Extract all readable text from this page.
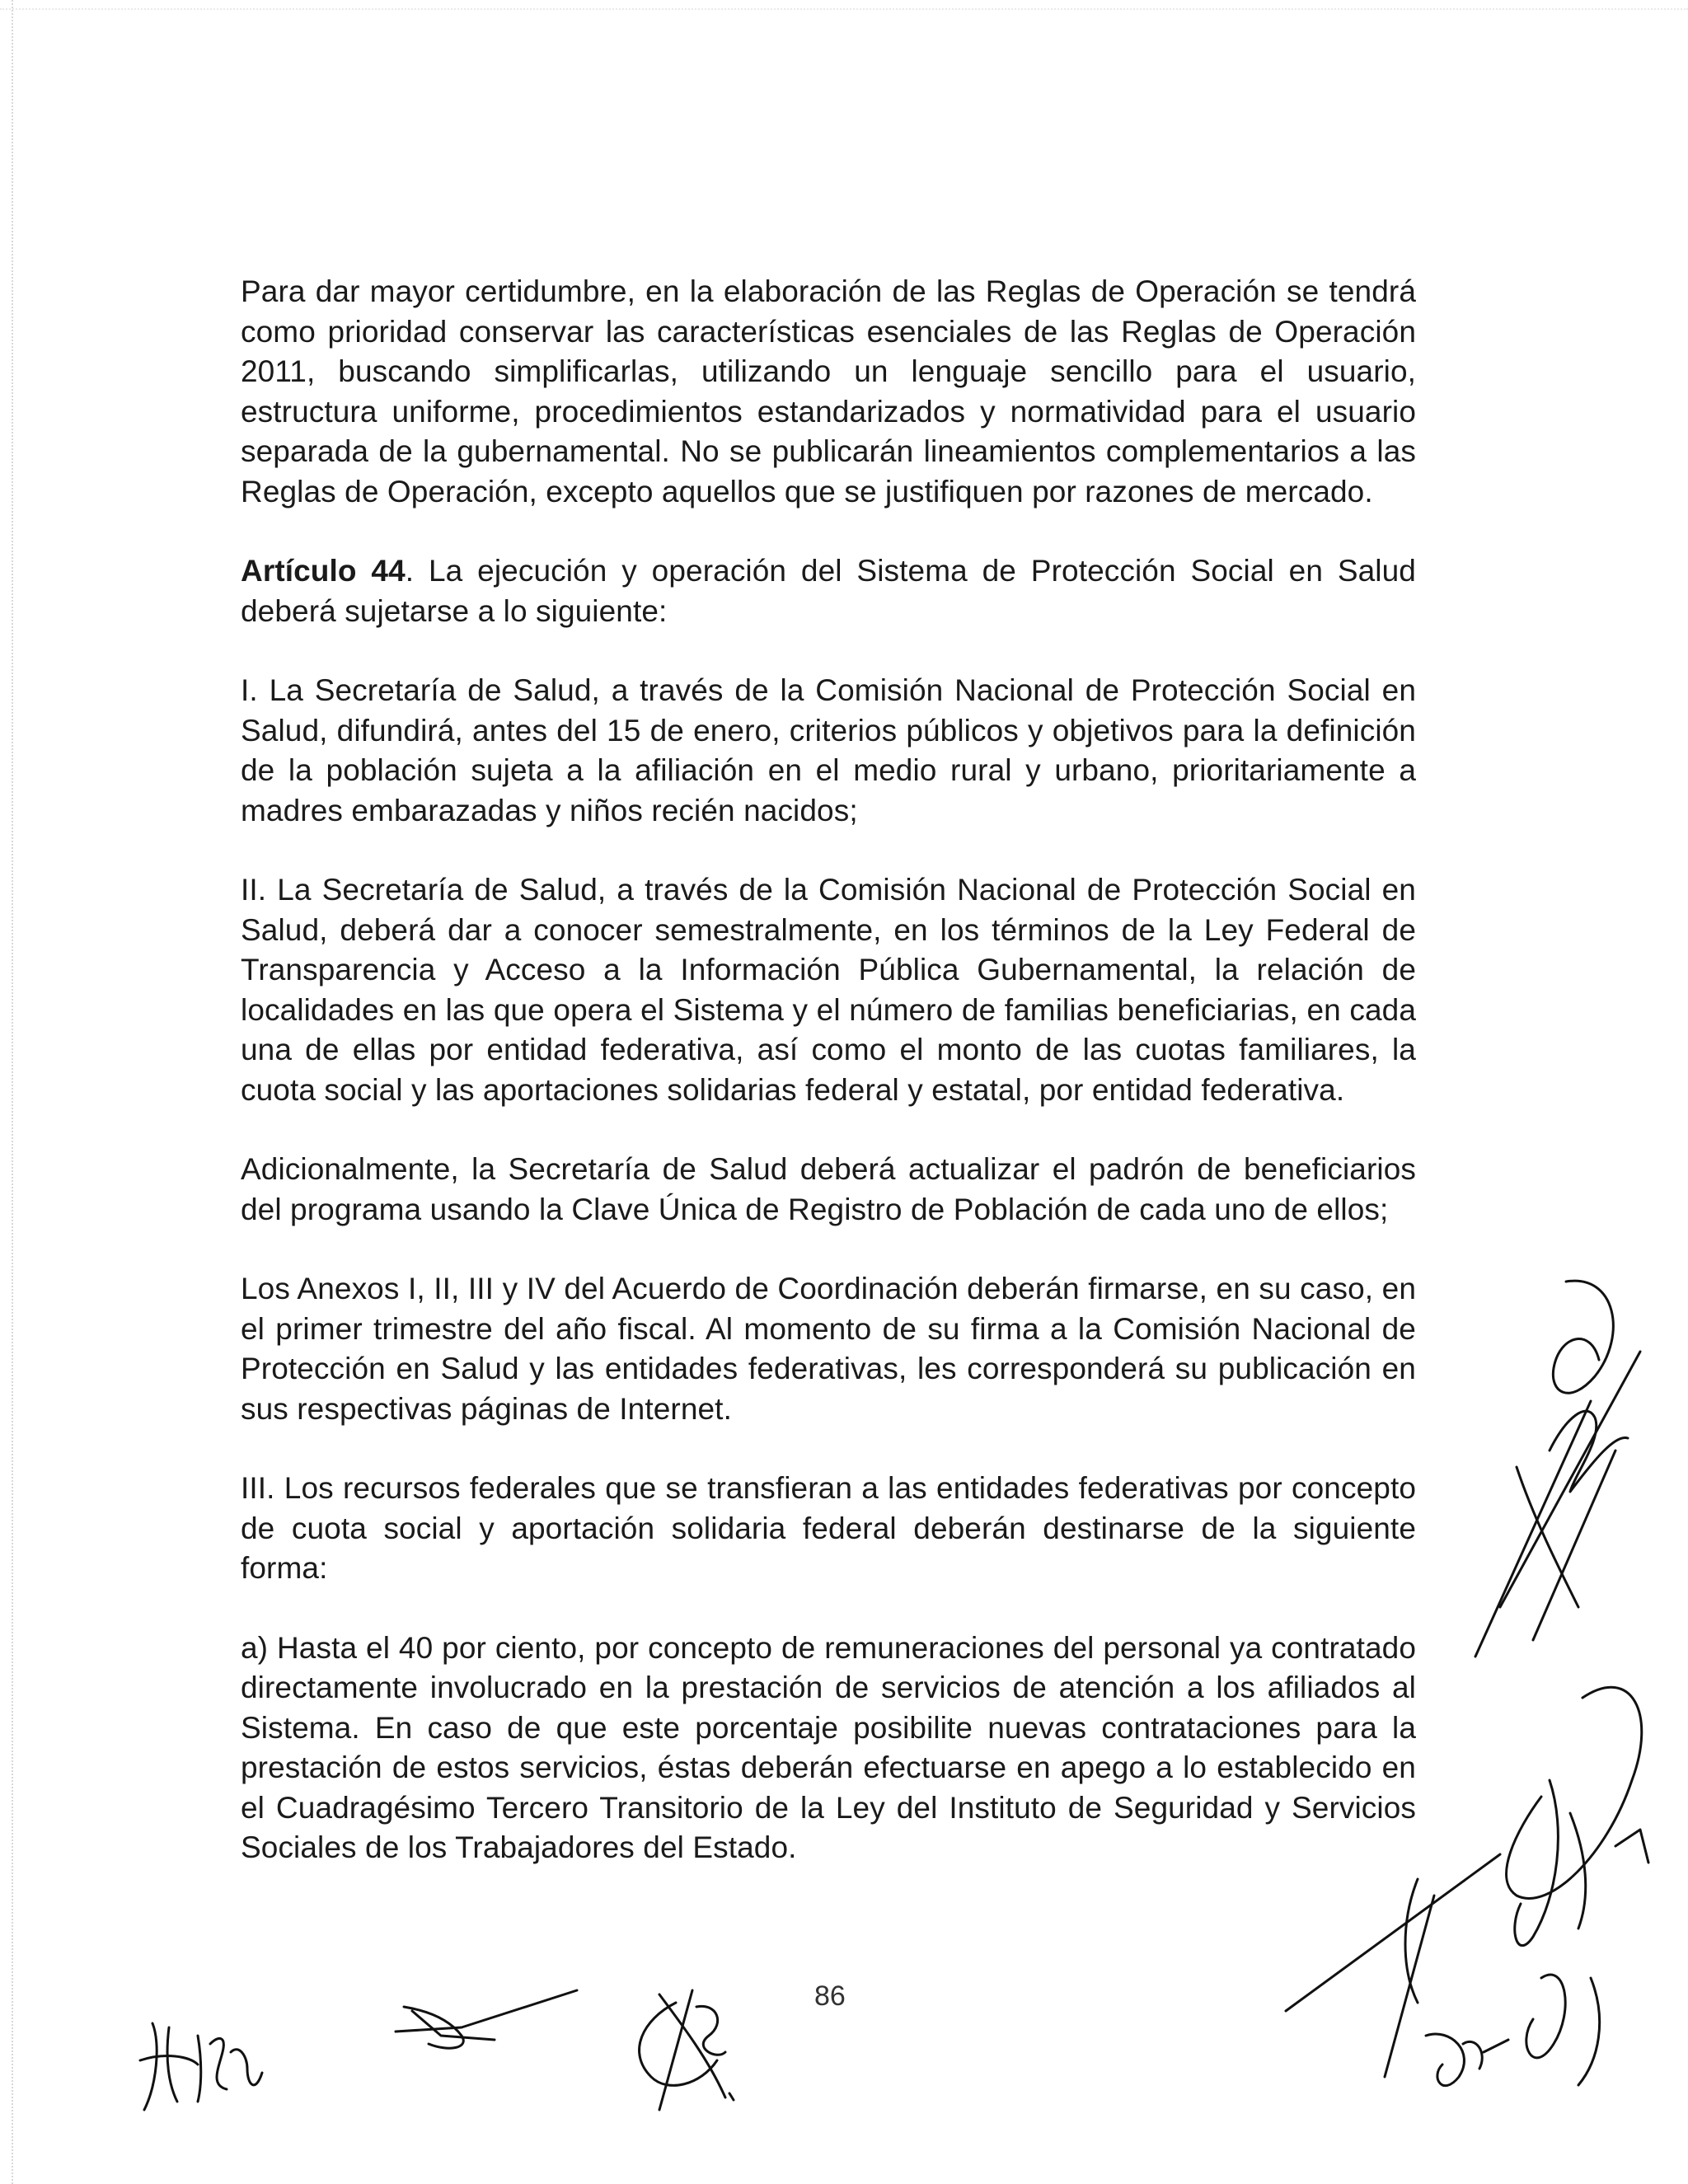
Para dar mayor certidumbre, en la elaboración de las Reglas de Operación se tendrá como prioridad conservar las características esenciales de las Reglas de Operación 2011, buscando simplificarlas, utilizando un lenguaje sencillo para el usuario, estructura uniforme, procedimientos estandarizados y normatividad para el usuario separada de la gubernamental. No se publicarán lineamientos complementarios a las Reglas de Operación, excepto aquellos que se justifiquen por razones de mercado.

Artículo 44. La ejecución y operación del Sistema de Protección Social en Salud deberá sujetarse a lo siguiente:

I. La Secretaría de Salud, a través de la Comisión Nacional de Protección Social en Salud, difundirá, antes del 15 de enero, criterios públicos y objetivos para la definición de la población sujeta a la afiliación en el medio rural y urbano, prioritariamente a madres embarazadas y niños recién nacidos;

II. La Secretaría de Salud, a través de la Comisión Nacional de Protección Social en Salud, deberá dar a conocer semestralmente, en los términos de la Ley Federal de Transparencia y Acceso a la Información Pública Gubernamental, la relación de localidades en las que opera el Sistema y el número de familias beneficiarias, en cada una de ellas por entidad federativa, así como el monto de las cuotas familiares, la cuota social y las aportaciones solidarias federal y estatal, por entidad federativa.

Adicionalmente, la Secretaría de Salud deberá actualizar el padrón de beneficiarios del programa usando la Clave Única de Registro de Población de cada uno de ellos;

Los Anexos I, II, III y IV del Acuerdo de Coordinación deberán firmarse, en su caso, en el primer trimestre del año fiscal. Al momento de su firma a la Comisión Nacional de Protección en Salud y las entidades federativas, les corresponderá su publicación en sus respectivas páginas de Internet.

III. Los recursos federales que se transfieran a las entidades federativas por concepto de cuota social y aportación solidaria federal deberán destinarse de la siguiente forma:

a) Hasta el 40 por ciento, por concepto de remuneraciones del personal ya contratado directamente involucrado en la prestación de servicios de atención a los afiliados al Sistema. En caso de que este porcentaje posibilite nuevas contrataciones para la prestación de estos servicios, éstas deberán efectuarse en apego a lo establecido en el Cuadragésimo Tercero Transitorio de la Ley del Instituto de Seguridad y Servicios Sociales de los Trabajadores del Estado.

86
